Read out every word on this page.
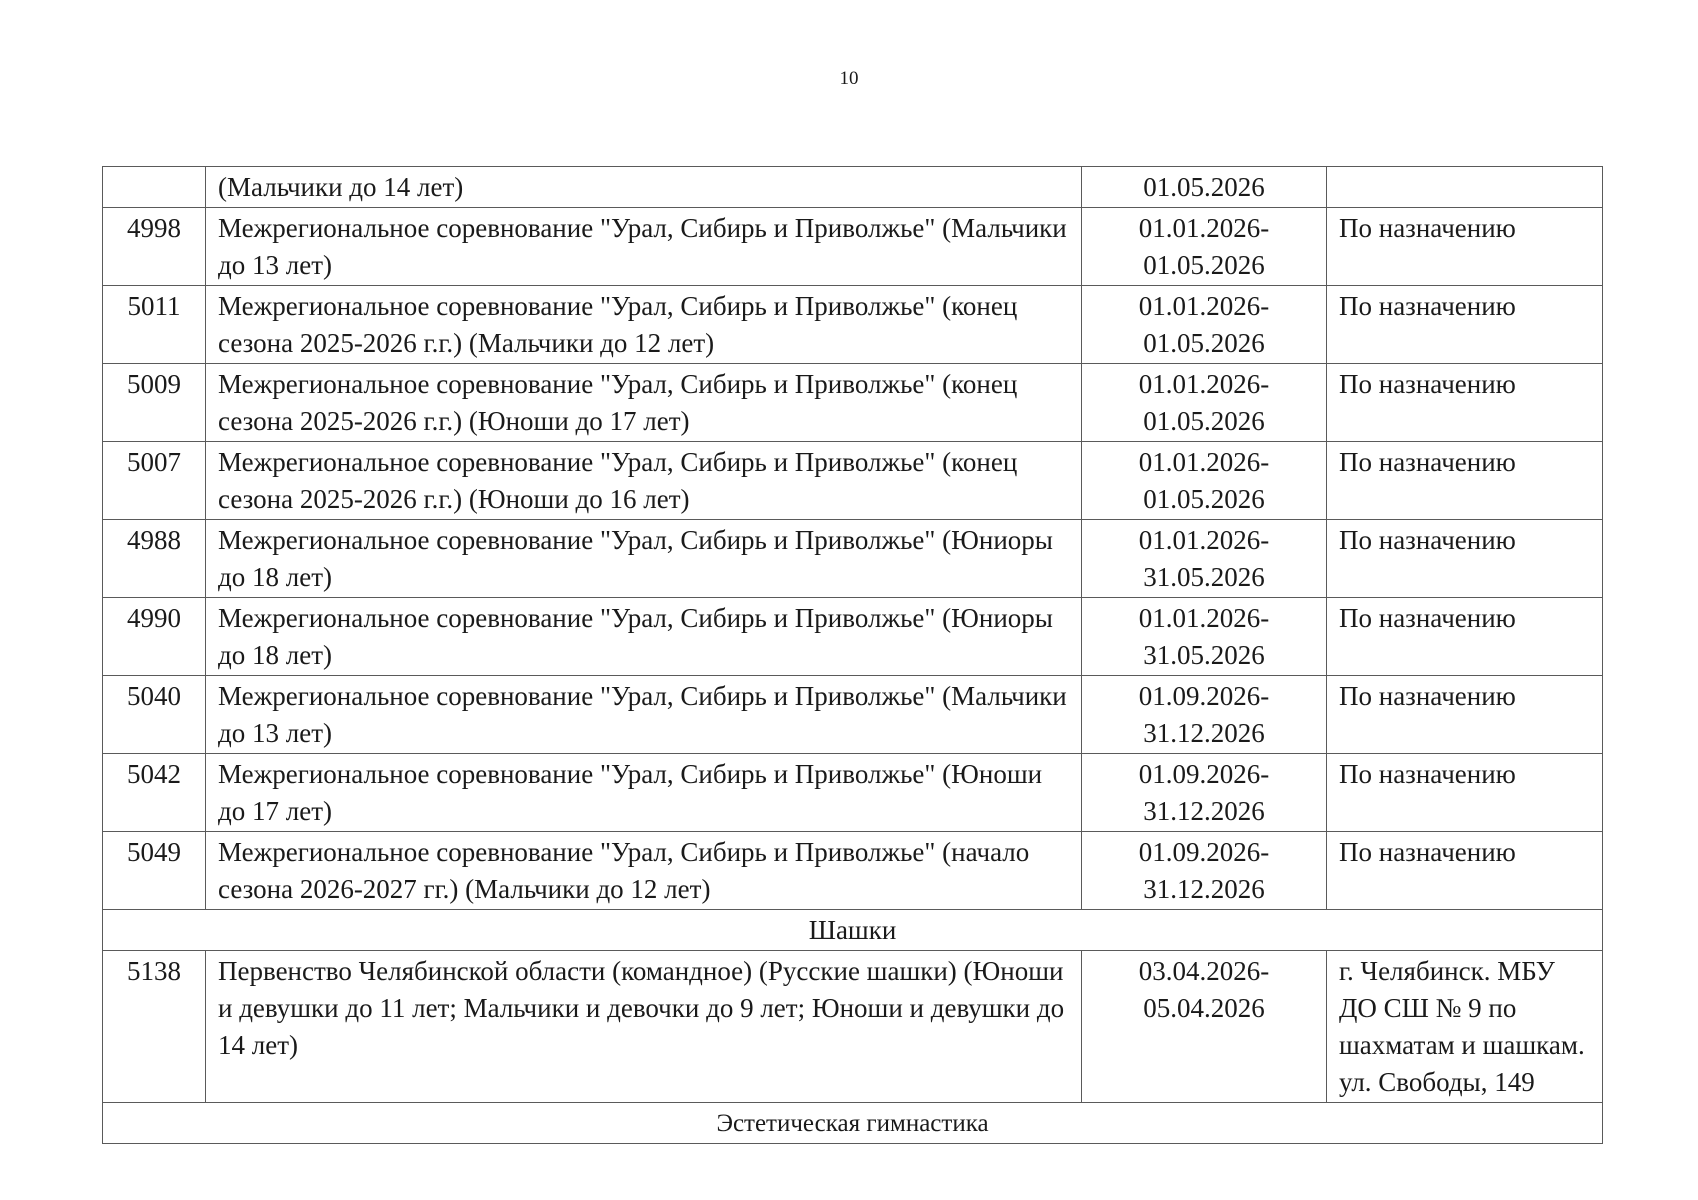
10
	(Мальчики до 14 лет)	01.05.2026	
4998	Межрегиональное соревнование "Урал, Сибирь и Приволжье" (Мальчики до 13 лет)	01.01.2026-01.05.2026	По назначению
5011	Межрегиональное соревнование "Урал, Сибирь и Приволжье" (конец сезона 2025-2026 г.г.) (Мальчики до 12 лет)	01.01.2026-01.05.2026	По назначению
5009	Межрегиональное соревнование "Урал, Сибирь и Приволжье" (конец сезона 2025-2026 г.г.) (Юноши до 17 лет)	01.01.2026-01.05.2026	По назначению
5007	Межрегиональное соревнование "Урал, Сибирь и Приволжье" (конец сезона 2025-2026 г.г.) (Юноши до 16 лет)	01.01.2026-01.05.2026	По назначению
4988	Межрегиональное соревнование "Урал, Сибирь и Приволжье" (Юниоры до 18 лет)	01.01.2026-31.05.2026	По назначению
4990	Межрегиональное соревнование "Урал, Сибирь и Приволжье" (Юниоры до 18 лет)	01.01.2026-31.05.2026	По назначению
5040	Межрегиональное соревнование "Урал, Сибирь и Приволжье" (Мальчики до 13 лет)	01.09.2026-31.12.2026	По назначению
5042	Межрегиональное соревнование "Урал, Сибирь и Приволжье" (Юноши до 17 лет)	01.09.2026-31.12.2026	По назначению
5049	Межрегиональное соревнование "Урал, Сибирь и Приволжье" (начало сезона 2026-2027 гг.) (Мальчики до 12 лет)	01.09.2026-31.12.2026	По назначению
Шашки			
5138	Первенство Челябинской области (командное) (Русские шашки) (Юноши и девушки до 11 лет; Мальчики и девочки до 9 лет; Юноши и девушки до 14 лет)	03.04.2026-05.04.2026	г. Челябинск. МБУ ДО СШ № 9 по шахматам и шашкам. ул. Свободы, 149
Эстетическая гимнастика			
